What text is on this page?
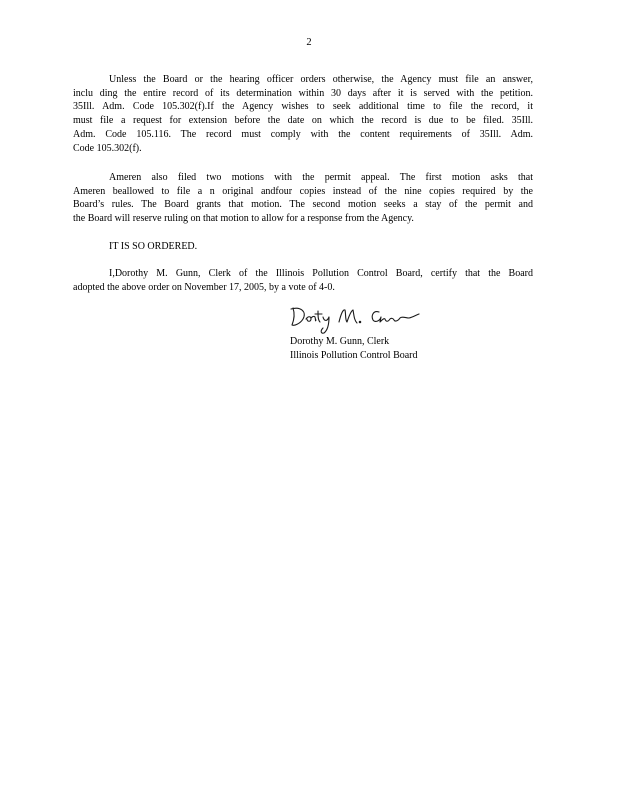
2
Unless the Board or the hearing officer orders otherwise, the Agency must file an answer,
inclu ding the entire record of its determination within 30 days after it is served with the petition.
35Ill. Adm. Code 105.302(f).If the Agency wishes to seek additional time to file the record, it
must file a request for extension before the date on which the record is due to be filed. 35Ill.
Adm. Code 105.116. The record must comply with the content requirements of 35Ill. Adm.
Code 105.302(f).
Ameren also filed two motions with the permit appeal. The first motion asks that
Ameren beallowed to file a n original andfour copies instead of the nine copies required by the
Board’s rules. The Board grants that motion. The second motion seeks a stay of the permit and
the Board will reserve ruling on that motion to allow for a response from the Agency.
IT IS SO ORDERED.
I,Dorothy M. Gunn, Clerk of the Illinois Pollution Control Board, certify that the Board
adopted the above order on November 17, 2005, by a vote of 4-0.
Dorothy M. Gunn, Clerk
Illinois Pollution Control Board
